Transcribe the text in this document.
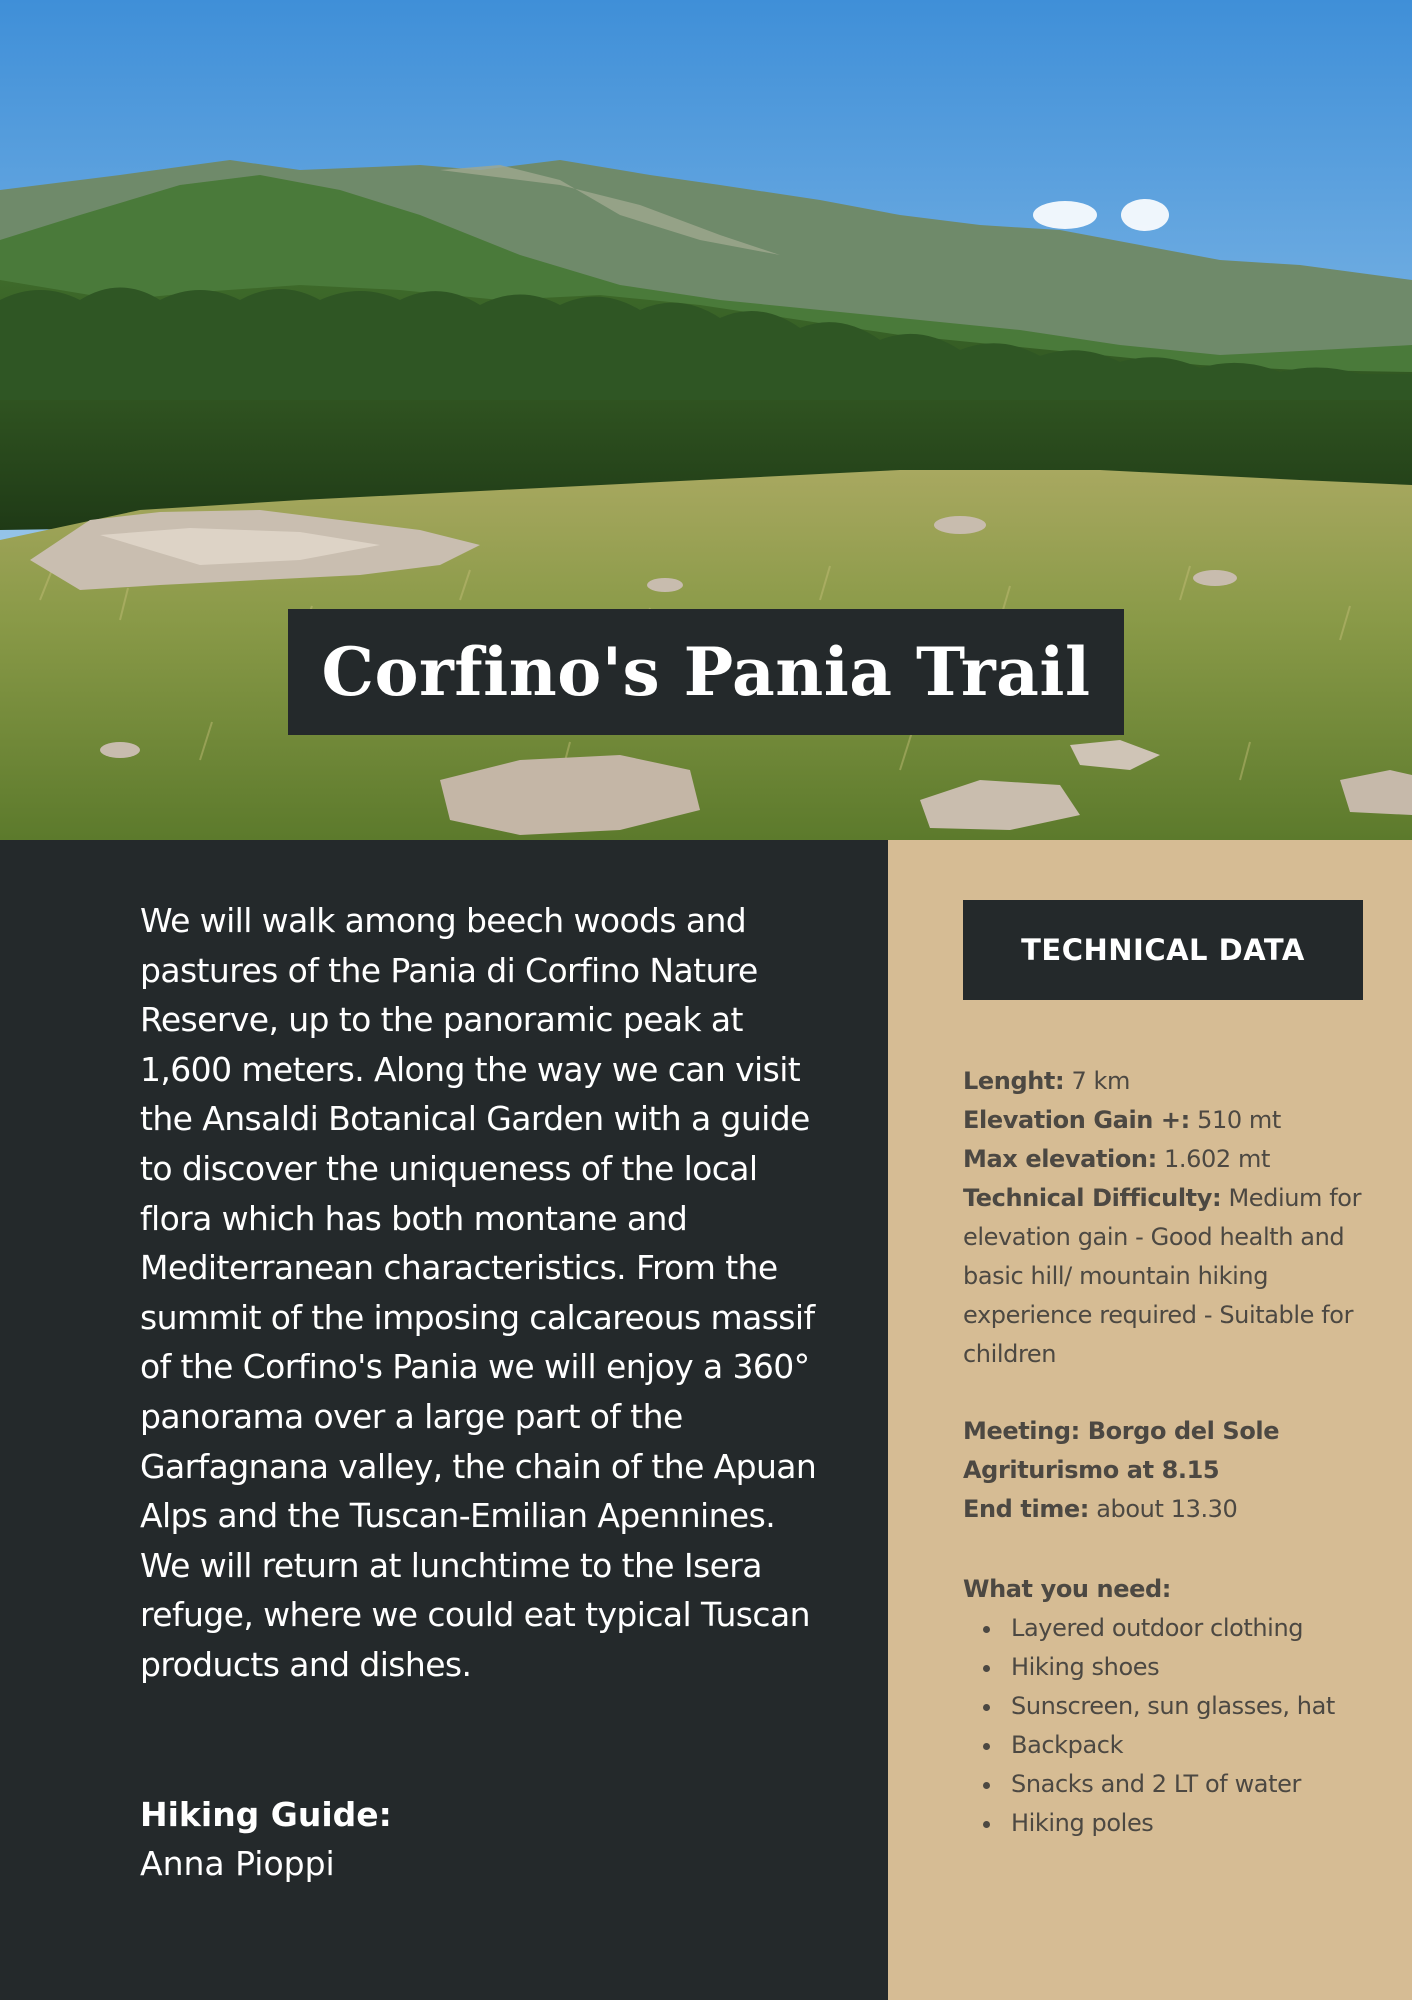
Corfino's Pania Trail

We will walk among beech woods and pastures of the Pania di Corfino Nature Reserve, up to the panoramic peak at 1,600 meters. Along the way we can visit the Ansaldi Botanical Garden with a guide to discover the uniqueness of the local flora which has both montane and Mediterranean characteristics. From the summit of the imposing calcareous massif of the Corfino's Pania we will enjoy a 360° panorama over a large part of the Garfagnana valley, the chain of the Apuan Alps and the Tuscan-Emilian Apennines. We will return at lunchtime to the Isera refuge, where we could eat typical Tuscan products and dishes.

Hiking Guide:

Anna Pioppi

TECHNICAL DATA

Lenght: 7 km
Elevation Gain +: 510 mt
Max elevation: 1.602 mt
Technical Difficulty: Medium for elevation gain - Good health and basic hill/ mountain hiking experience required - Suitable for children

Meeting: Borgo del Sole Agriturismo at 8.15
End time: about 13.30

What you need:

Layered outdoor clothing
Hiking shoes
Sunscreen, sun glasses, hat
Backpack
Snacks and 2 LT of water
Hiking poles
